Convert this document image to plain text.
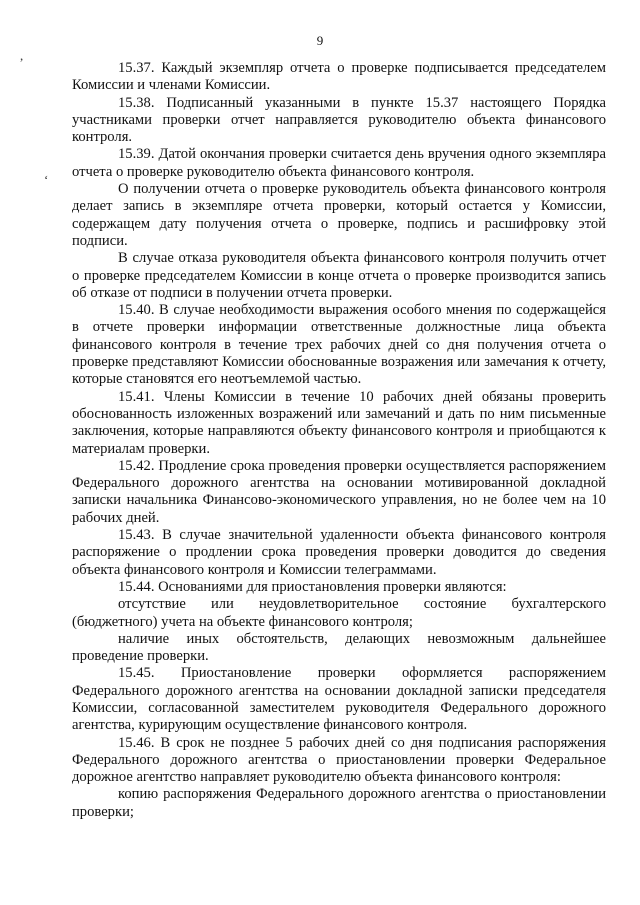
,
‘
9

15.37. Каждый экземпляр отчета о проверке подписывается председателем Комиссии и членами Комиссии.

15.38. Подписанный указанными в пункте 15.37 настоящего Порядка участниками проверки отчет направляется руководителю объекта финансового контроля.

15.39. Датой окончания проверки считается день вручения одного экземпляра отчета о проверке руководителю объекта финансового контроля.

О получении отчета о проверке руководитель объекта финансового контроля делает запись в экземпляре отчета проверки, который остается у Комиссии, содержащем дату получения отчета о проверке, подпись и расшифровку этой подписи.

В случае отказа руководителя объекта финансового контроля получить отчет о проверке председателем Комиссии в конце отчета о проверке производится запись об отказе от подписи в получении отчета проверки.

15.40. В случае необходимости выражения особого мнения по содержащейся в отчете проверки информации ответственные должностные лица объекта финансового контроля в течение трех рабочих дней со дня получения отчета о проверке представляют Комиссии обоснованные возражения или замечания к отчету, которые становятся его неотъемлемой частью.

15.41. Члены Комиссии в течение 10 рабочих дней обязаны проверить обоснованность изложенных возражений или замечаний и дать по ним письменные заключения, которые направляются объекту финансового контроля и приобщаются к материалам проверки.

15.42. Продление срока проведения проверки осуществляется распоряжением Федерального дорожного агентства на основании мотивированной докладной записки начальника Финансово-экономического управления, но не более чем на 10 рабочих дней.

15.43. В случае значительной удаленности объекта финансового контроля распоряжение о продлении срока проведения проверки доводится до сведения объекта финансового контроля и Комиссии телеграммами.

15.44. Основаниями для приостановления проверки являются:

отсутствие или неудовлетворительное состояние бухгалтерского (бюджетного) учета на объекте финансового контроля;

наличие иных обстоятельств, делающих невозможным дальнейшее проведение проверки.

15.45. Приостановление проверки оформляется распоряжением Федерального дорожного агентства на основании докладной записки председателя Комиссии, согласованной заместителем руководителя Федерального дорожного агентства, курирующим осуществление финансового контроля.

15.46. В срок не позднее 5 рабочих дней со дня подписания распоряжения Федерального дорожного агентства о приостановлении проверки Федеральное дорожное агентство направляет руководителю объекта финансового контроля:

копию распоряжения Федерального дорожного агентства о приостановлении проверки;
